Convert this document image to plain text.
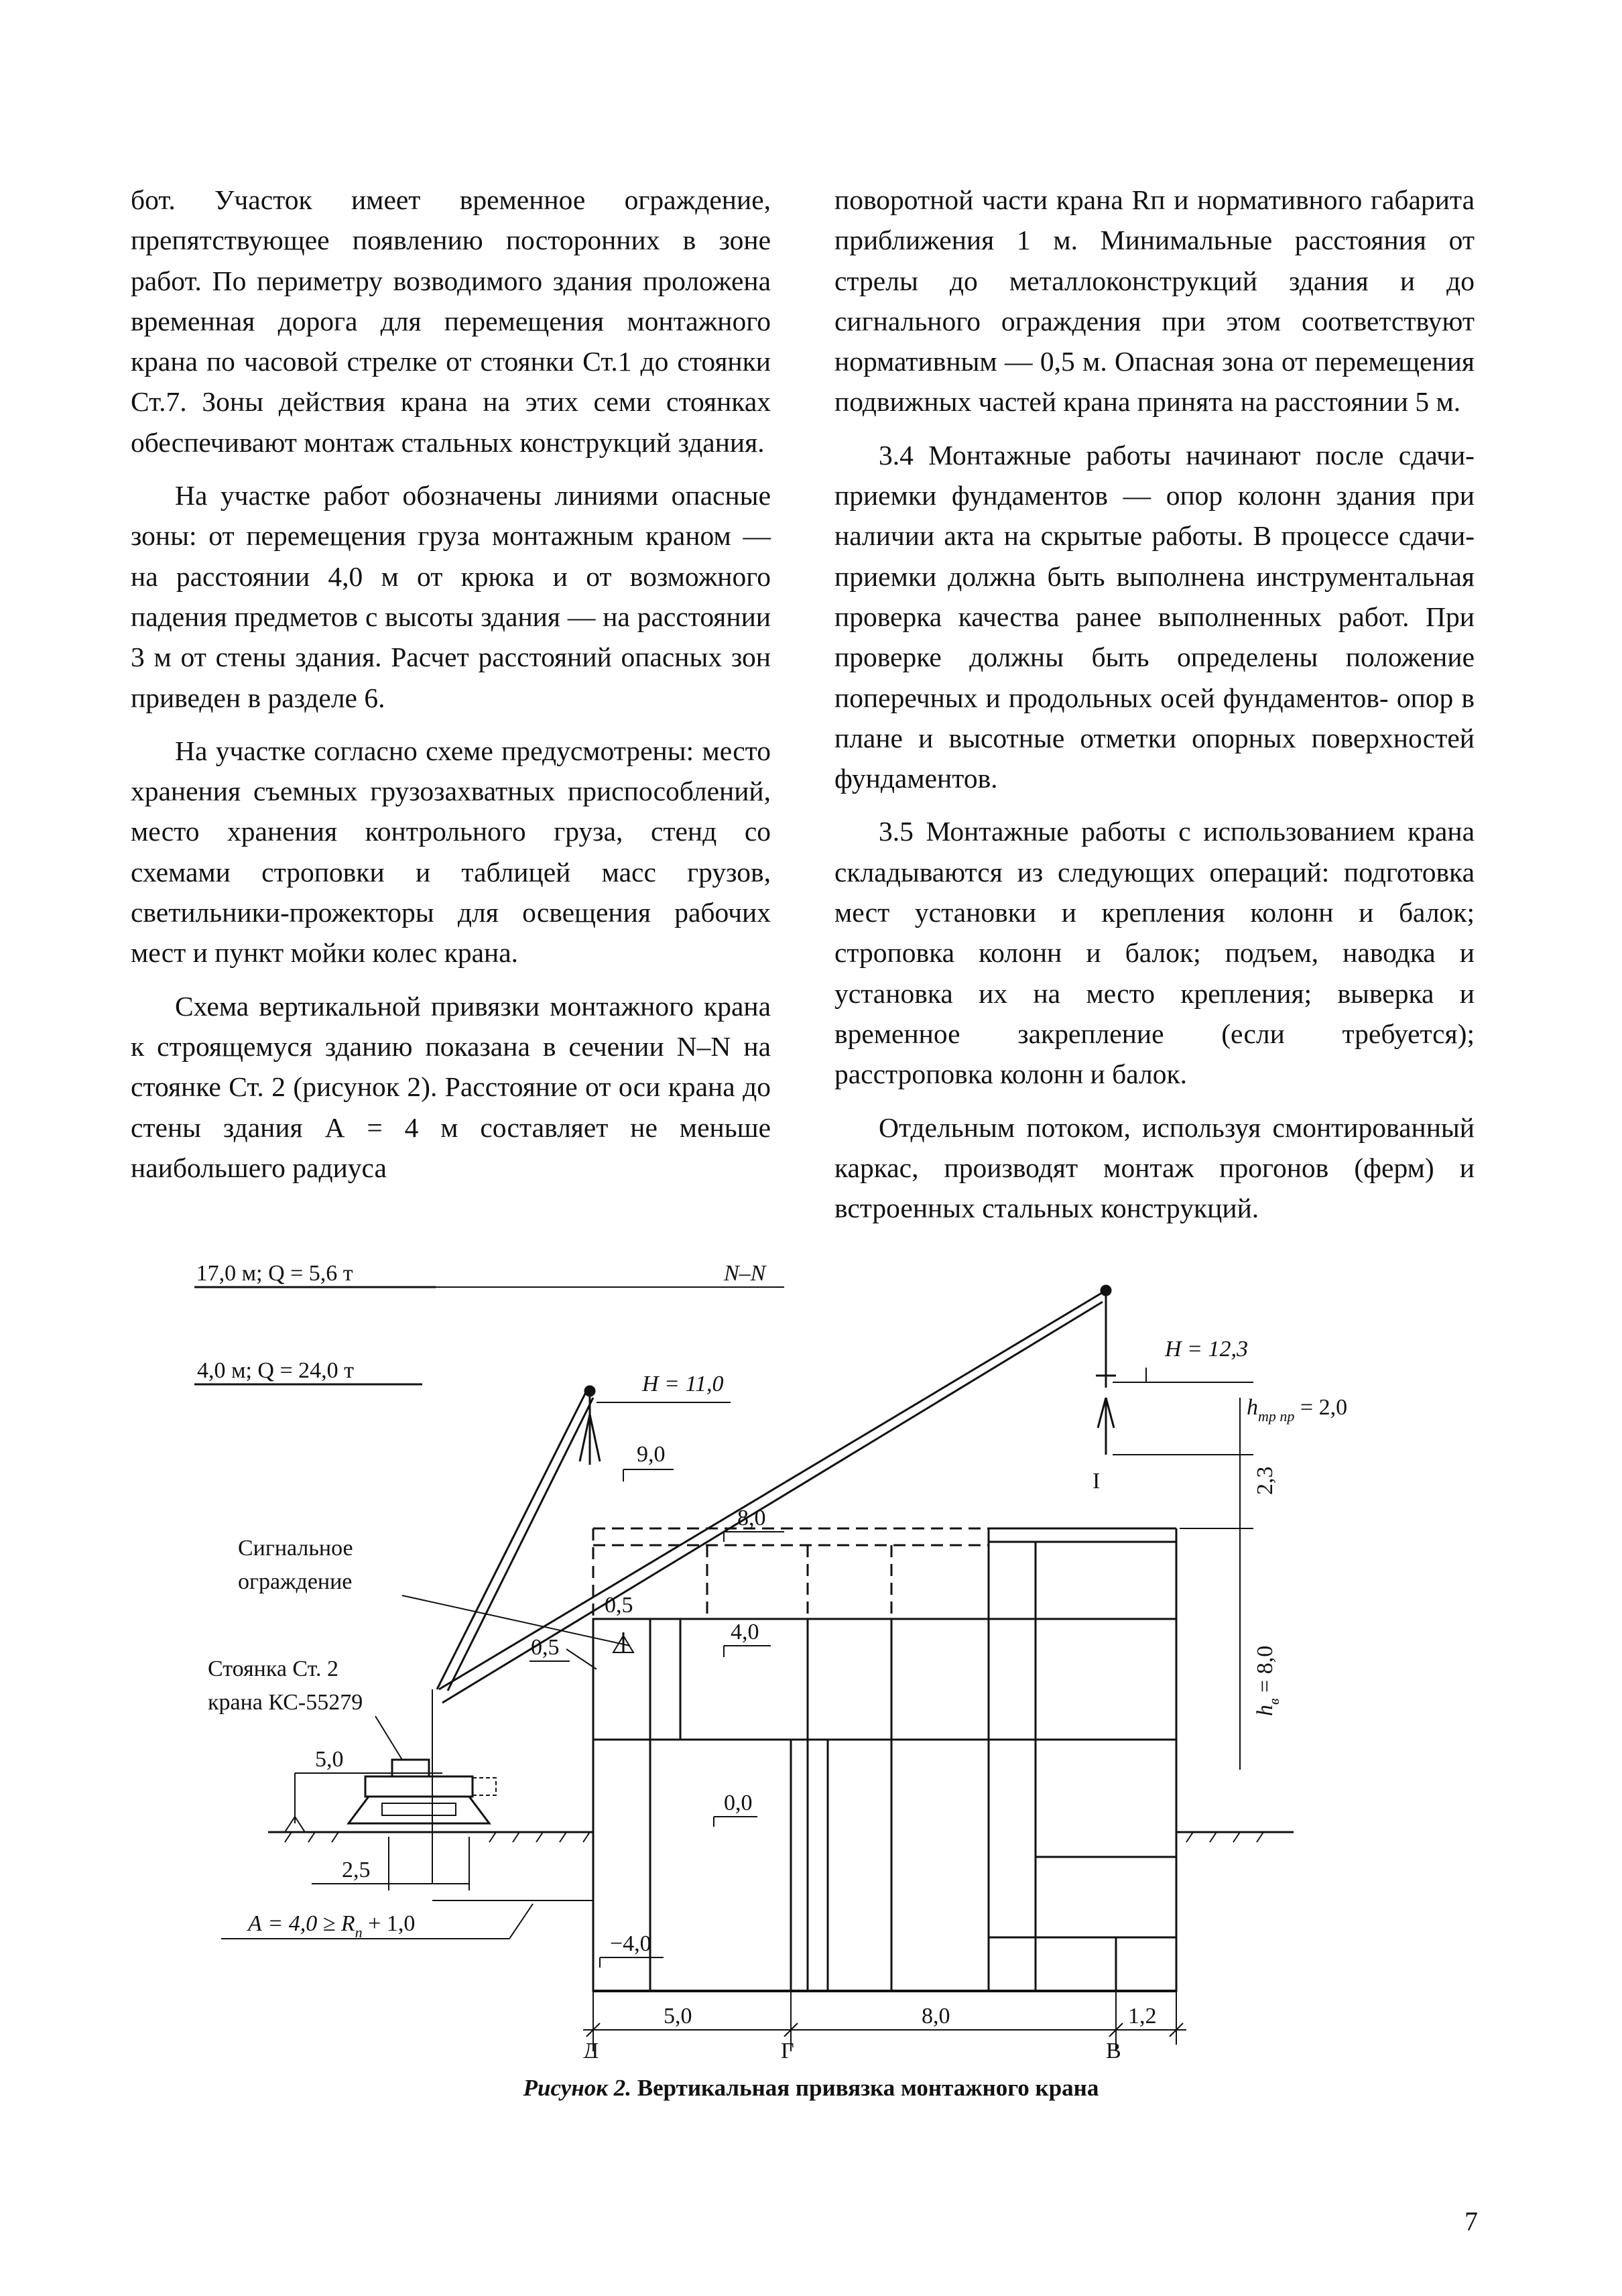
бот. Участок имеет временное ограждение, препятствующее появлению посторонних в зоне работ. По периметру возводимого здания проложена временная дорога для перемещения монтажного крана по часовой стрелке от стоянки Ст.1 до стоянки Ст.7. Зоны действия крана на этих семи стоянках обеспечивают монтаж стальных конструкций здания.

На участке работ обозначены линиями опасные зоны: от перемещения груза монтажным краном — на расстоянии 4,0 м от крюка и от возможного падения предметов с высоты здания — на расстоянии 3 м от стены здания. Расчет расстояний опасных зон приведен в разделе 6.

На участке согласно схеме предусмотрены: место хранения съемных грузозахватных приспособлений, место хранения контрольного груза, стенд со схемами строповки и таблицей масс грузов, светильники-прожекторы для освещения рабочих мест и пункт мойки колес крана.

Схема вертикальной привязки монтажного крана к строящемуся зданию показана в сечении N–N на стоянке Ст. 2 (рисунок 2). Расстояние от оси крана до стены здания А = 4 м составляет не меньше наибольшего радиуса

поворотной части крана Rп и нормативного габарита приближения 1 м. Минимальные расстояния от стрелы до металлоконструкций здания и до сигнального ограждения при этом соответствуют нормативным — 0,5 м. Опасная зона от перемещения подвижных частей крана принята на расстоянии 5 м.

3.4 Монтажные работы начинают после сдачи-приемки фундаментов — опор колонн здания при наличии акта на скрытые работы. В процессе сдачи-приемки должна быть выполнена инструментальная проверка качества ранее выполненных работ. При проверке должны быть определены положение поперечных и продольных осей фундаментов- опор в плане и высотные отметки опорных поверхностей фундаментов.

3.5 Монтажные работы с использованием крана складываются из следующих операций: подготовка мест установки и крепления колонн и балок; строповка колонн и балок; подъем, наводка и установка их на место крепления; выверка и временное закрепление (если требуется); расстроповка колонн и балок.

Отдельным потоком, используя смонтированный каркас, производят монтаж прогонов (ферм) и встроенных стальных конструкций.

17,0 м; Q = 5,6 т
4,0 м; Q = 24,0 т
N–N
H = 12,3
$h_{тр пр} = 2,0$
I	2,3
$h_в = 8,0$
H = 11,0
9,0
8,0
Сигнальное
ограждение
0,5
0,5
4,0
Стоянка Ст. 2
крана КС-55279
5,0
0,0
2,5
$А = 4,0 \ge R_п + 1,0$
−4,0
5,0	8,0	1,2
Д	Г	В
Рисунок 2. Вертикальная привязка монтажного крана
7
